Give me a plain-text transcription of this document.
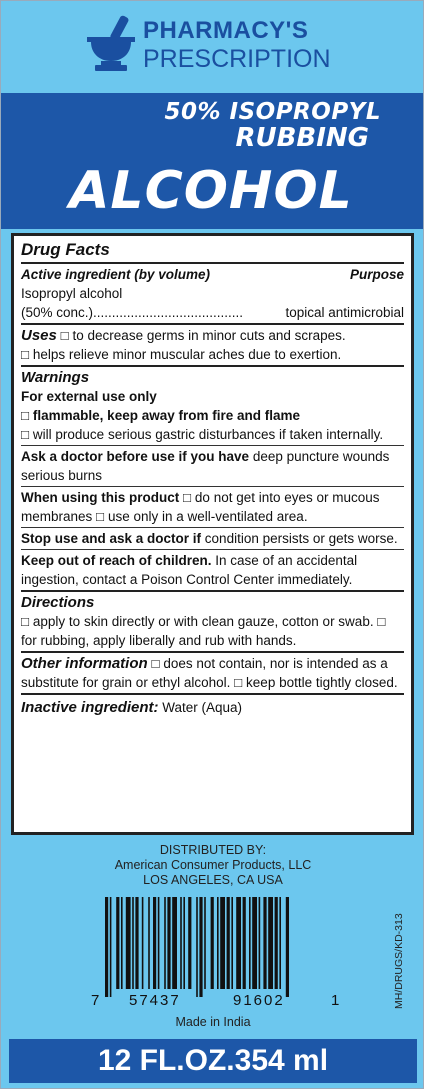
PHARMACY'S
PRESCRIPTION
50% ISOPROPYL
RUBBING
ALCOHOL
Drug Facts
Active ingredient (by volume)	Purpose
Isopropyl alcohol
(50% conc.)........................................	topical antimicrobial
Uses □ to decrease germs in minor cuts and scrapes.
□ helps relieve minor muscular aches due to exertion.
Warnings
For external use only
□ flammable, keep away from fire and flame
□ will produce serious gastric disturbances if taken internally.
Ask a doctor before use if you have deep puncture wounds serious burns
When using this product □ do not get into eyes or mucous membranes □ use only in a well-ventilated area.
Stop use and ask a doctor if condition persists or gets worse.
Keep out of reach of children. In case of an accidental ingestion, contact a Poison Control Center immediately.
Directions
□ apply to skin directly or with clean gauze, cotton or swab. □ for rubbing, apply liberally and rub with hands.
Other information □ does not contain, nor is intended as a substitute for grain or ethyl alcohol. □ keep bottle tightly closed.
Inactive ingredient: Water (Aqua)
DISTRIBUTED BY:
American Consumer Products, LLC
LOS ANGELES, CA USA
7 57437	91602	1	MH/DRUGS/KD-313
Made in India
12 FL.OZ.354 ml
